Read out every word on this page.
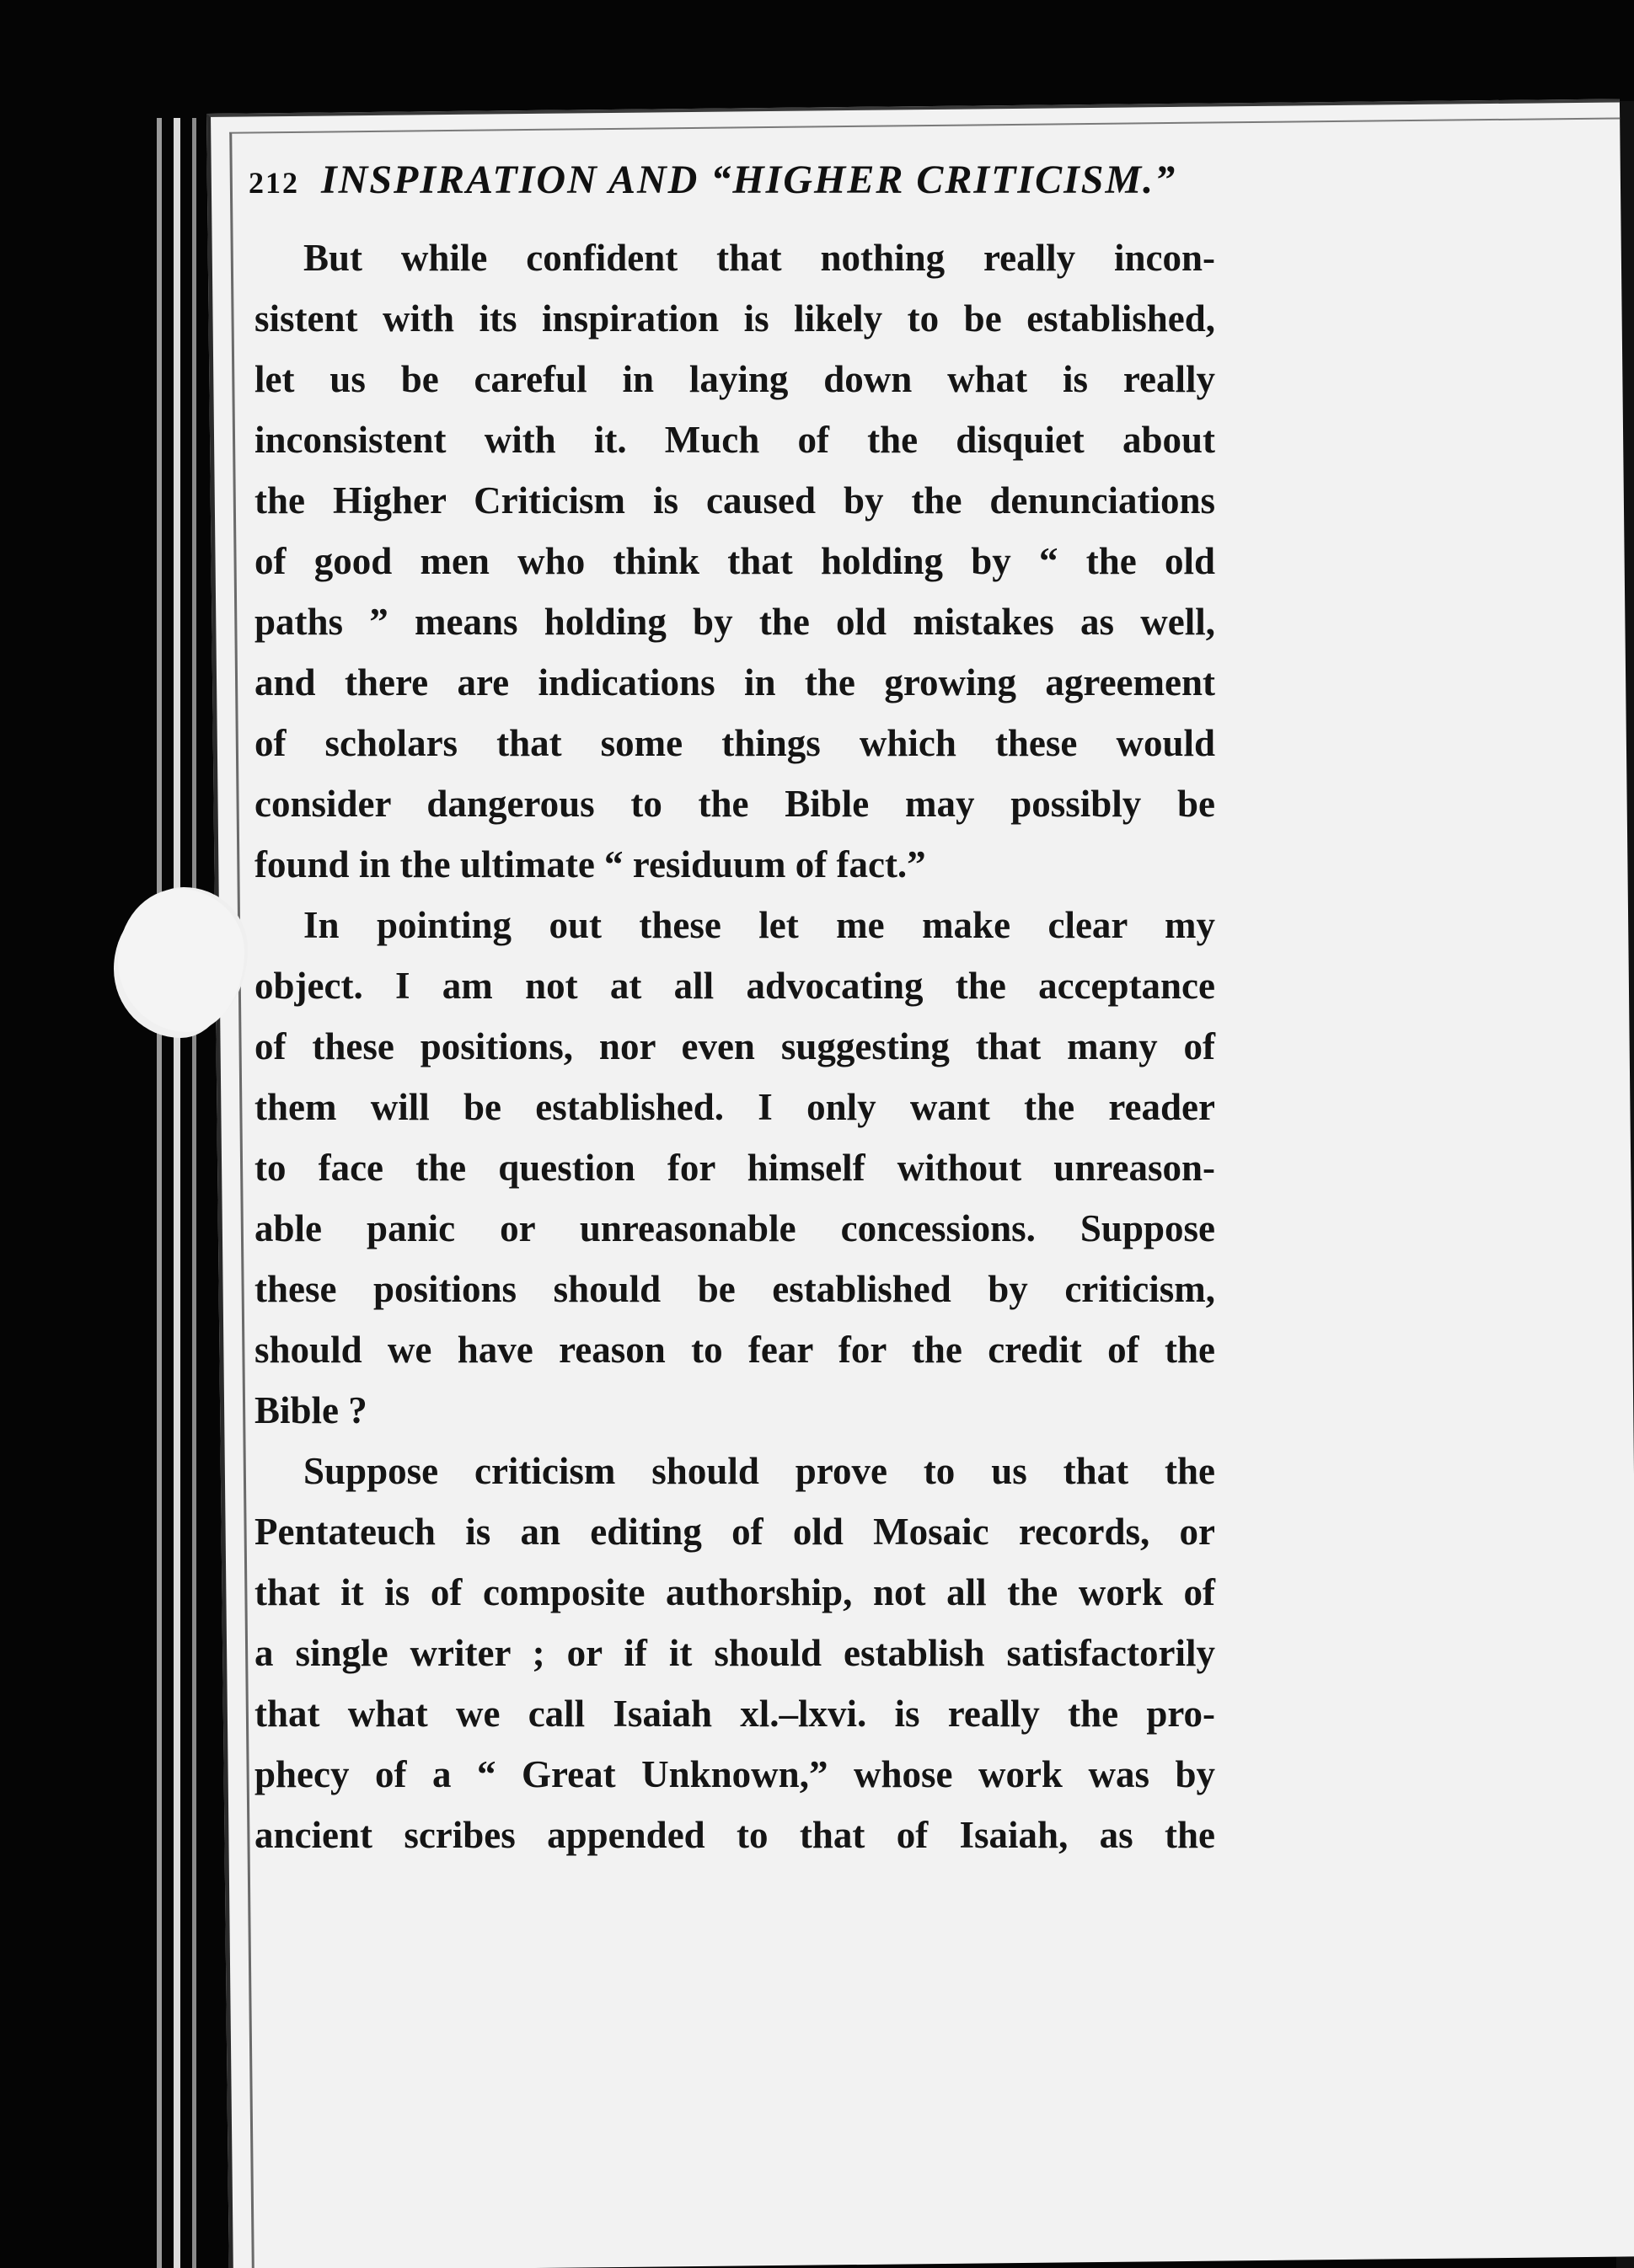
212 INSPIRATION AND “HIGHER CRITICISM.”
But while confident that nothing really incon-
sistent with its inspiration is likely to be established,
let us be careful in laying down what is really
inconsistent with it. Much of the disquiet about
the Higher Criticism is caused by the denunciations
of good men who think that holding by “ the old
paths ” means holding by the old mistakes as well,
and there are indications in the growing agreement
of scholars that some things which these would
consider dangerous to the Bible may possibly be
found in the ultimate “ residuum of fact.”
In pointing out these let me make clear my
object. I am not at all advocating the acceptance
of these positions, nor even suggesting that many of
them will be established. I only want the reader
to face the question for himself without unreason-
able panic or unreasonable concessions. Suppose
these positions should be established by criticism,
should we have reason to fear for the credit of the
Bible ?
Suppose criticism should prove to us that the
Pentateuch is an editing of old Mosaic records, or
that it is of composite authorship, not all the work of
a single writer ; or if it should establish satisfactorily
that what we call Isaiah xl.–lxvi. is really the pro-
phecy of a “ Great Unknown,” whose work was by
ancient scribes appended to that of Isaiah, as the
